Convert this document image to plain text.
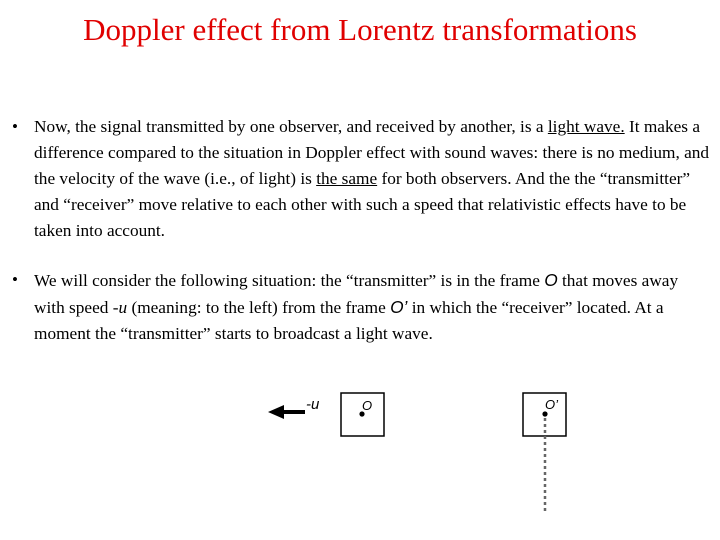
Doppler effect from Lorentz transformations
• Now, the signal transmitted by one observer, and received by another, is a light wave. It makes a difference compared to the situation in Doppler effect with sound waves: there is no medium, and the velocity of the wave (i.e., of light) is the same for both observers. And the the “transmitter” and “receiver” move relative to each other with such a speed that relativistic effects have to be taken into account.
• We will consider the following situation: the “transmitter” is in the frame O that moves away with speed -u (meaning: to the left) from the frame O’ in which the “receiver” located. At a moment the “transmitter” starts to broadcast a light wave.
-u	O	O’
